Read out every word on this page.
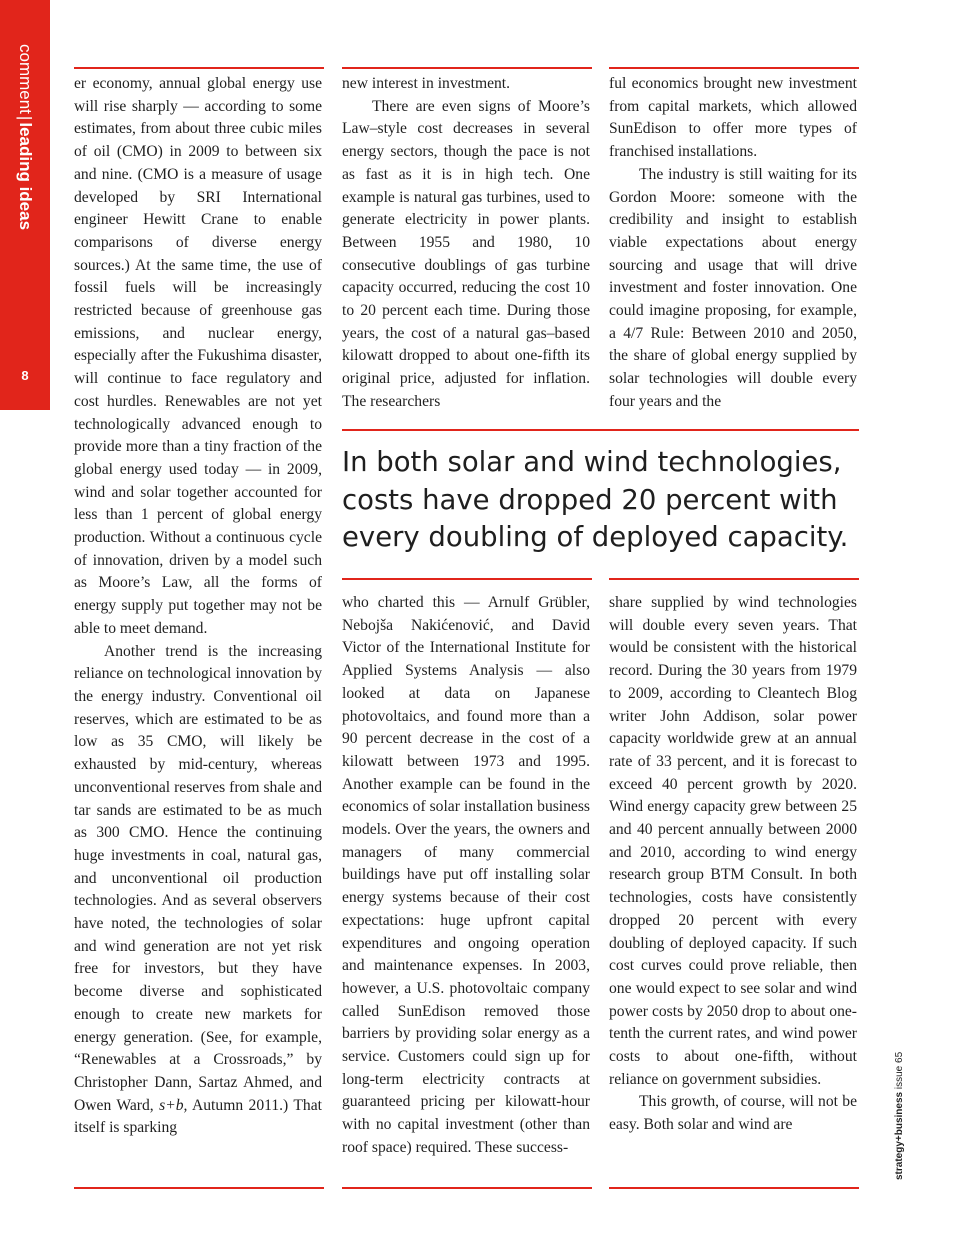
comment|leading ideas
8

er economy, annual global energy use will rise sharply — according to some estimates, from about three cubic miles of oil (CMO) in 2009 to between six and nine. (CMO is a measure of usage developed by SRI International engineer Hewitt Crane to enable comparisons of diverse energy sources.) At the same time, the use of fossil fuels will be increasingly restricted because of greenhouse gas emissions, and nuclear energy, especially after the Fukushima disaster, will continue to face regulatory and cost hurdles. Renewables are not yet technologically advanced enough to provide more than a tiny fraction of the global energy used today — in 2009, wind and solar together accounted for less than 1 percent of global energy production. Without a continuous cycle of innovation, driven by a model such as Moore’s Law, all the forms of energy supply put together may not be able to meet demand.

Another trend is the increasing reliance on technological innovation by the energy industry. Conventional oil reserves, which are estimated to be as low as 35 CMO, will likely be exhausted by mid-century, whereas unconventional reserves from shale and tar sands are estimated to be as much as 300 CMO. Hence the continuing huge investments in coal, natural gas, and unconventional oil production technologies. And as several observers have noted, the technologies of solar and wind generation are not yet risk free for investors, but they have become diverse and sophisticated enough to create new markets for energy generation. (See, for example, “Renewables at a Crossroads,” by Christopher Dann, Sartaz Ahmed, and Owen Ward, s+b, Autumn 2011.) That itself is sparking

new interest in investment.

There are even signs of Moore’s Law–style cost decreases in several energy sectors, though the pace is not as fast as it is in high tech. One example is natural gas turbines, used to generate electricity in power plants. Between 1955 and 1980, 10 consecutive doublings of gas turbine capacity occurred, reducing the cost 10 to 20 percent each time. During those years, the cost of a natural gas–based kilowatt dropped to about one-fifth its original price, adjusted for inflation. The researchers

ful economics brought new investment from capital markets, which allowed SunEdison to offer more types of franchised installations.

The industry is still waiting for its Gordon Moore: someone with the credibility and insight to establish viable expectations about energy sourcing and usage that will drive investment and foster innovation. One could imagine proposing, for example, a 4/7 Rule: Between 2010 and 2050, the share of global energy supplied by solar technologies will double every four years and the

In both solar and wind technologies, costs have dropped 20 percent with every doubling of deployed capacity.

who charted this — Arnulf Grübler, Nebojša Nakićenović, and David Victor of the International Institute for Applied Systems Analysis — also looked at data on Japanese photovoltaics, and found more than a 90 percent decrease in the cost of a kilowatt between 1973 and 1995. Another example can be found in the economics of solar installation business models. Over the years, the owners and managers of many commercial buildings have put off installing solar energy systems because of their cost expectations: huge upfront capital expenditures and ongoing operation and maintenance expenses. In 2003, however, a U.S. photovoltaic company called SunEdison removed those barriers by providing solar energy as a service. Customers could sign up for long-term electricity contracts at guaranteed pricing per kilowatt-hour with no capital investment (other than roof space) required. These success-

share supplied by wind technologies will double every seven years. That would be consistent with the historical record. During the 30 years from 1979 to 2009, according to Cleantech Blog writer John Addison, solar power capacity worldwide grew at an annual rate of 33 percent, and it is forecast to exceed 40 percent growth by 2020. Wind energy capacity grew between 25 and 40 percent annually between 2000 and 2010, according to wind energy research group BTM Consult. In both technologies, costs have consistently dropped 20 percent with every doubling of deployed capacity. If such cost curves could prove reliable, then one would expect to see solar and wind power costs by 2050 drop to about one-tenth the current rates, and wind power costs to about one-fifth, without reliance on government subsidies.

This growth, of course, will not be easy. Both solar and wind are	strategy+business issue 65
